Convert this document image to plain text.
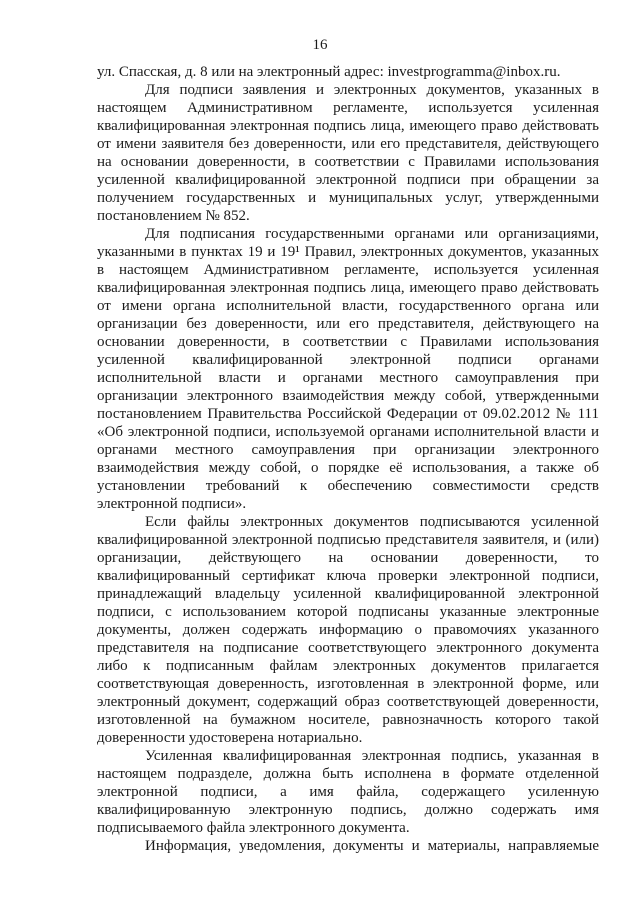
16

ул. Спасская, д. 8 или на электронный адрес: investprogramma@inbox.ru.

Для подписи заявления и электронных документов, указанных в настоящем Административном регламенте, используется усиленная квалифицированная электронная подпись лица, имеющего право действовать от имени заявителя без доверенности, или его представителя, действующего на основании доверенности, в соответствии с Правилами использования усиленной квалифицированной электронной подписи при обращении за получением государственных и муниципальных услуг, утвержденными постановлением № 852.

Для подписания государственными органами или организациями, указанными в пунктах 19 и 19¹ Правил, электронных документов, указанных в настоящем Административном регламенте, используется усиленная квалифицированная электронная подпись лица, имеющего право действовать от имени органа исполнительной власти, государственного органа или организации без доверенности, или его представителя, действующего на основании доверенности, в соответствии с Правилами использования усиленной квалифицированной электронной подписи органами исполнительной власти и органами местного самоуправления при организации электронного взаимодействия между собой, утвержденными постановлением Правительства Российской Федерации от 09.02.2012 № 111 «Об электронной подписи, используемой органами исполнительной власти и органами местного самоуправления при организации электронного взаимодействия между собой, о порядке её использования, а также об установлении требований к обеспечению совместимости средств электронной подписи».

Если файлы электронных документов подписываются усиленной квалифицированной электронной подписью представителя заявителя, и (или) организации, действующего на основании доверенности, то квалифицированный сертификат ключа проверки электронной подписи, принадлежащий владельцу усиленной квалифицированной электронной подписи, с использованием которой подписаны указанные электронные документы, должен содержать информацию о правомочиях указанного представителя на подписание соответствующего электронного документа либо к подписанным файлам электронных документов прилагается соответствующая доверенность, изготовленная в электронной форме, или электронный документ, содержащий образ соответствующей доверенности, изготовленной на бумажном носителе, равнозначность которого такой доверенности удостоверена нотариально.

Усиленная квалифицированная электронная подпись, указанная в настоящем подразделе, должна быть исполнена в формате отделенной электронной подписи, а имя файла, содержащего усиленную квалифицированную электронную подпись, должно содержать имя подписываемого файла электронного документа.

Информация, уведомления, документы и материалы, направляемые
